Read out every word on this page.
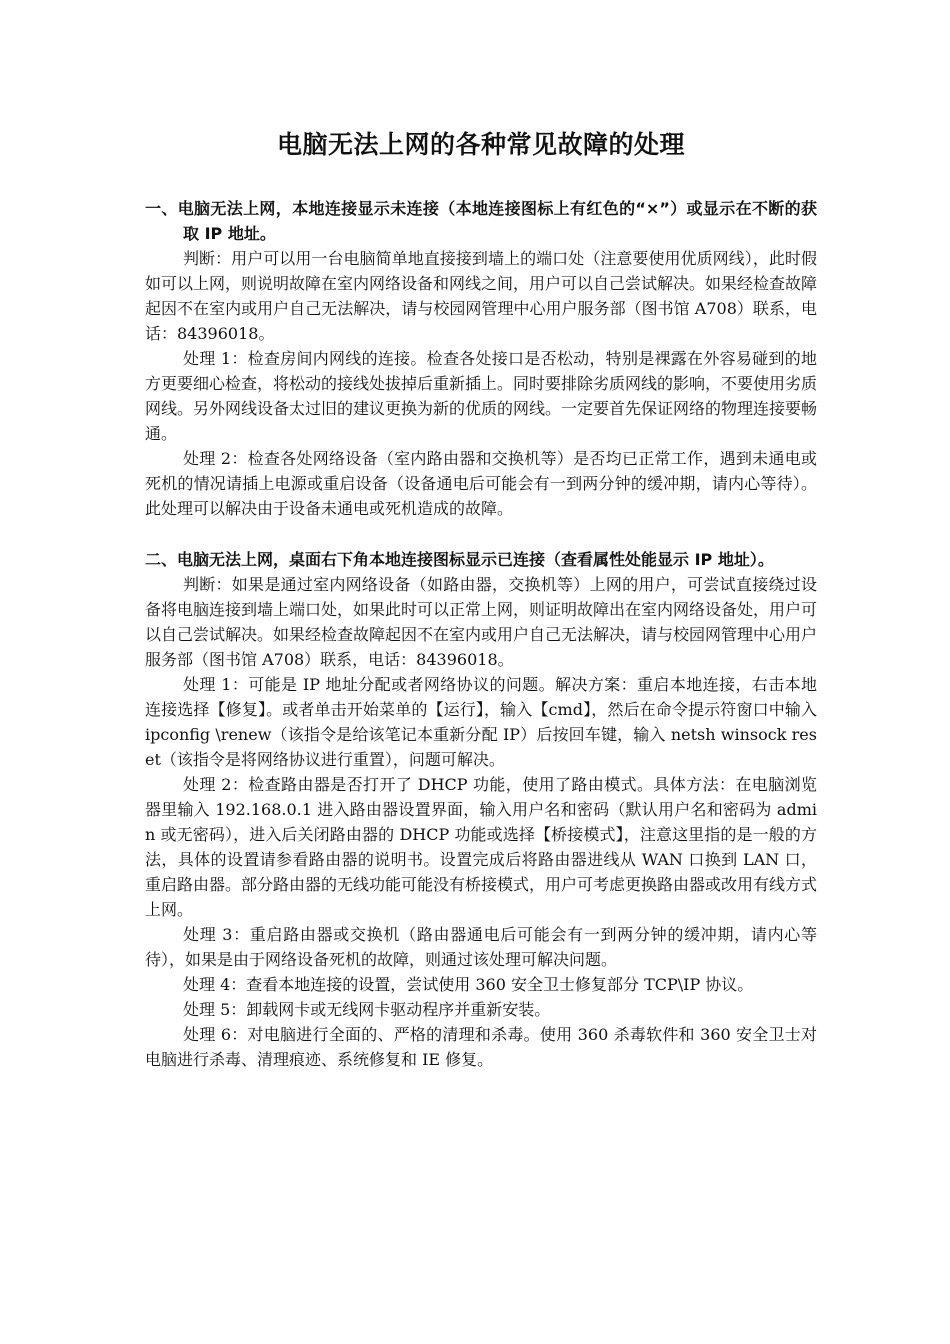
电脑无法上网的各种常见故障的处理

一、电脑无法上网，本地连接显示未连接（本地连接图标上有红色的“×”）或显示在不断的获取 IP 地址。

判断：用户可以用一台电脑简单地直接接到墙上的端口处（注意要使用优质网线），此时假如可以上网，则说明故障在室内网络设备和网线之间，用户可以自己尝试解决。如果经检查故障起因不在室内或用户自己无法解决，请与校园网管理中心用户服务部（图书馆 A708）联系，电话：84396018。

处理 1：检查房间内网线的连接。检查各处接口是否松动，特别是裸露在外容易碰到的地方更要细心检查，将松动的接线处拔掉后重新插上。同时要排除劣质网线的影响，不要使用劣质网线。另外网线设备太过旧的建议更换为新的优质的网线。一定要首先保证网络的物理连接要畅通。

处理 2：检查各处网络设备（室内路由器和交换机等）是否均已正常工作，遇到未通电或死机的情况请插上电源或重启设备（设备通电后可能会有一到两分钟的缓冲期，请内心等待）。此处理可以解决由于设备未通电或死机造成的故障。

二、电脑无法上网，桌面右下角本地连接图标显示已连接（查看属性处能显示 IP 地址）。

判断：如果是通过室内网络设备（如路由器，交换机等）上网的用户，可尝试直接绕过设备将电脑连接到墙上端口处，如果此时可以正常上网，则证明故障出在室内网络设备处，用户可以自己尝试解决。如果经检查故障起因不在室内或用户自己无法解决，请与校园网管理中心用户服务部（图书馆 A708）联系，电话：84396018。

处理 1：可能是 IP 地址分配或者网络协议的问题。解决方案：重启本地连接，右击本地连接选择【修复】。或者单击开始菜单的【运行】，输入【cmd】，然后在命令提示符窗口中输入 ipconfig \renew（该指令是给该笔记本重新分配 IP）后按回车键，输入 netsh winsock reset（该指令是将网络协议进行重置），问题可解决。

处理 2：检查路由器是否打开了 DHCP 功能，使用了路由模式。具体方法：在电脑浏览器里输入 192.168.0.1 进入路由器设置界面，输入用户名和密码（默认用户名和密码为 admin 或无密码），进入后关闭路由器的 DHCP 功能或选择【桥接模式】，注意这里指的是一般的方法，具体的设置请参看路由器的说明书。设置完成后将路由器进线从 WAN 口换到 LAN 口，重启路由器。部分路由器的无线功能可能没有桥接模式，用户可考虑更换路由器或改用有线方式上网。

处理 3：重启路由器或交换机（路由器通电后可能会有一到两分钟的缓冲期，请内心等待），如果是由于网络设备死机的故障，则通过该处理可解决问题。

处理 4：查看本地连接的设置，尝试使用 360 安全卫士修复部分 TCP\IP 协议。

处理 5：卸载网卡或无线网卡驱动程序并重新安装。

处理 6：对电脑进行全面的、严格的清理和杀毒。使用 360 杀毒软件和 360 安全卫士对电脑进行杀毒、清理痕迹、系统修复和 IE 修复。
